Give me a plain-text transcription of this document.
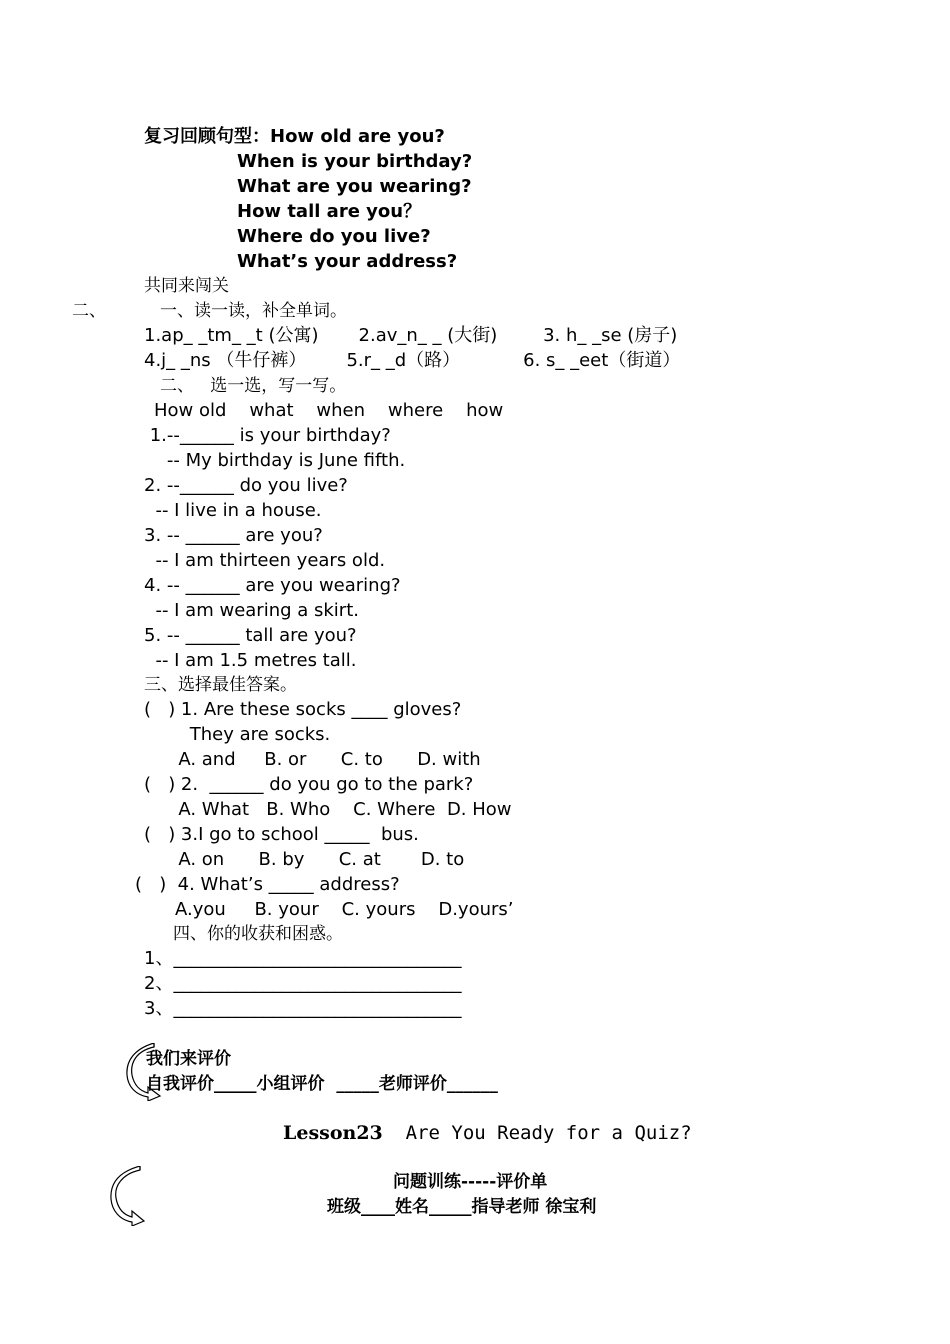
复习回顾句型：How old are you?
When is your birthday?
What are you wearing?
How tall are you？
Where do you live?
What’s your address?
共同来闯关
二、	一、读一读，补全单词。
1.ap_ _tm_ _t (公寓)       2.av_n_ _ (大街)        3. h_ _se (房子)
4.j_ _ns （牛仔裤）       5.r_ _d（路）           6. s_ _eet（街道）
二、   选一选，写一写。
How old    what    when    where    how
1.--______ is your birthday?
-- My birthday is June fifth.
2. --______ do you live?
-- I live in a house.
3. -- ______ are you?
-- I am thirteen years old.
4. -- ______ are you wearing?
-- I am wearing a skirt.
5. -- ______ tall are you?
-- I am 1.5 metres tall.
三、选择最佳答案。
(   ) 1. Are these socks ____ gloves?
They are socks.
A. and     B. or      C. to      D. with
(   ) 2.  ______ do you go to the park?
A. What   B. Who    C. Where  D. How
(   ) 3.I go to school _____  bus.
A. on      B. by      C. at       D. to
(   )  4. What’s _____ address?
A.you     B. your    C. yours    D.yours’
四、你的收获和困惑。
1、________________________________
2、________________________________
3、________________________________
我们来评价
自我评价_____小组评价  _____老师评价______
Lesson23  Are You Ready for a Quiz?
问题训练-----评价单
班级____姓名_____指导老师 徐宝利
